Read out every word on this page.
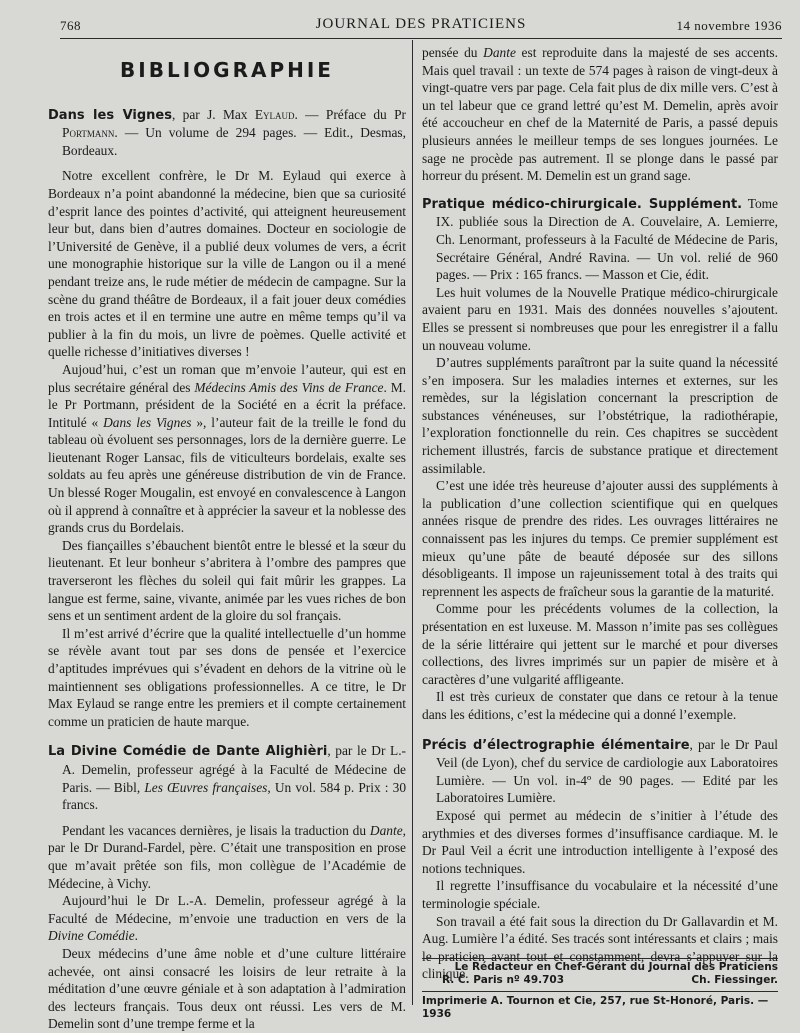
768	JOURNAL DES PRATICIENS	14 novembre 1936
BIBLIOGRAPHIE
Dans les Vignes, par J. Max Eylaud. — Préface du Pr Portmann. — Un volume de 294 pages. — Edit., Desmas, Bordeaux.

Notre excellent confrère, le Dr M. Eylaud qui exerce à Bordeaux n’a point abandonné la médecine, bien que sa curiosité d’esprit lance des pointes d’activité, qui atteignent heureusement leur but, dans bien d’autres domaines. Docteur en sociologie de l’Université de Genève, il a publié deux volumes de vers, a écrit une monographie historique sur la ville de Langon ou il a mené pendant treize ans, le rude métier de médecin de campagne. Sur la scène du grand théâtre de Bordeaux, il a fait jouer deux comédies en trois actes et il en termine une autre en même temps qu’il va publier à la fin du mois, un livre de poèmes. Quelle activité et quelle richesse d’initiatives diverses !

Aujoud’hui, c’est un roman que m’envoie l’auteur, qui est en plus secrétaire général des Médecins Amis des Vins de France. M. le Pr Portmann, président de la Société en a écrit la préface. Intitulé « Dans les Vignes », l’auteur fait de la treille le fond du tableau où évoluent ses personnages, lors de la dernière guerre. Le lieutenant Roger Lansac, fils de viticulteurs bordelais, exalte ses soldats au feu après une généreuse distribution de vin de France. Un blessé Roger Mougalin, est envoyé en convalescence à Langon où il apprend à connaître et à apprécier la saveur et la noblesse des grands crus du Bordelais.

Des fiançailles s’ébauchent bientôt entre le blessé et la sœur du lieutenant. Et leur bonheur s’abritera à l’ombre des pampres que traverseront les flèches du soleil qui fait mûrir les grappes. La langue est ferme, saine, vivante, animée par les vues riches de bon sens et un sentiment ardent de la gloire du sol français.

Il m’est arrivé d’écrire que la qualité intellectuelle d’un homme se révèle avant tout par ses dons de pensée et l’exercice d’aptitudes imprévues qui s’évadent en dehors de la vitrine où le maintiennent ses obligations professionnelles. A ce titre, le Dr Max Eylaud se range entre les premiers et il compte certainement comme un praticien de haute marque.

La Divine Comédie de Dante Alighièri, par le Dr L.-A. Demelin, professeur agrégé à la Faculté de Médecine de Paris. — Bibl, Les Œuvres françaises, Un vol. 584 p. Prix : 30 francs.

Pendant les vacances dernières, je lisais la traduction du Dante, par le Dr Durand-Fardel, père. C’était une transposition en prose que m’avait prêtée son fils, mon collègue de l’Académie de Médecine, à Vichy.

Aujourd’hui le Dr L.-A. Demelin, professeur agrégé à la Faculté de Médecine, m’envoie une traduction en vers de la Divine Comédie.

Deux médecins d’une âme noble et d’une culture littéraire achevée, ont ainsi consacré les loisirs de leur retraite à la méditation d’une œuvre géniale et à son adaptation à l’admiration des lecteurs français. Tous deux ont réussi. Les vers de M. Demelin sont d’une trempe ferme et la

pensée du Dante est reproduite dans la majesté de ses accents. Mais quel travail : un texte de 574 pages à raison de vingt-deux à vingt-quatre vers par page. Cela fait plus de dix mille vers. C’est à un tel labeur que ce grand lettré qu’est M. Demelin, après avoir été accoucheur en chef de la Maternité de Paris, a passé depuis plusieurs années le meilleur temps de ses longues journées. Le sage ne procède pas autrement. Il se plonge dans le passé par horreur du présent. M. Demelin est un grand sage.

Pratique médico-chirurgicale. Supplément. Tome IX. publiée sous la Direction de A. Couvelaire, A. Lemierre, Ch. Lenormant, professeurs à la Faculté de Médecine de Paris, Secrétaire Général, André Ravina. — Un vol. relié de 960 pages. — Prix : 165 francs. — Masson et Cie, édit.

Les huit volumes de la Nouvelle Pratique médico-chirurgicale avaient paru en 1931. Mais des données nouvelles s’ajoutent. Elles se pressent si nombreuses que pour les enregistrer il a fallu un nouveau volume.

D’autres suppléments paraîtront par la suite quand la nécessité s’en imposera. Sur les maladies internes et externes, sur les remèdes, sur la législation concernant la prescription de substances vénéneuses, sur l’obstétrique, la radiothérapie, l’exploration fonctionnelle du rein. Ces chapitres se succèdent richement illustrés, farcis de substance pratique et directement assimilable.

C’est une idée très heureuse d’ajouter aussi des suppléments à la publication d’une collection scientifique qui en quelques années risque de prendre des rides. Les ouvrages littéraires ne connaissent pas les injures du temps. Ce premier supplément est mieux qu’une pâte de beauté déposée sur des sillons désobligeants. Il impose un rajeunissement total à des traits qui reprennent les aspects de fraîcheur sous la garantie de la maturité.

Comme pour les précédents volumes de la collection, la présentation en est luxeuse. M. Masson n’imite pas ses collègues de la série littéraire qui jettent sur le marché et pour diverses collections, des livres imprimés sur un papier de misère et à caractères d’une vulgarité affligeante.

Il est très curieux de constater que dans ce retour à la tenue dans les éditions, c’est la médecine qui a donné l’exemple.

Précis d’électrographie élémentaire, par le Dr Paul Veil (de Lyon), chef du service de cardiologie aux Laboratoires Lumière. — Un vol. in-4º de 90 pages. — Edité par les Laboratoires Lumière.

Exposé qui permet au médecin de s’initier à l’étude des arythmies et des diverses formes d’insuffisance cardiaque. M. le Dr Paul Veil a écrit une introduction intelligente à l’exposé des notions techniques.

Il regrette l’insuffisance du vocabulaire et la nécessité d’une terminologie spéciale.

Son travail a été fait sous la direction du Dr Gallavardin et M. Aug. Lumière l’a édité. Ses tracés sont intéressants et clairs ; mais le praticien avant tout et constamment, devra s’appuyer sur la clinique.

Le Rédacteur en Chef-Gérant du Journal des Praticiens
R. C. Paris nº 49.703	Ch. Fiessinger.
Imprimerie A. Tournon et Cie, 257, rue St-Honoré, Paris. — 1936
